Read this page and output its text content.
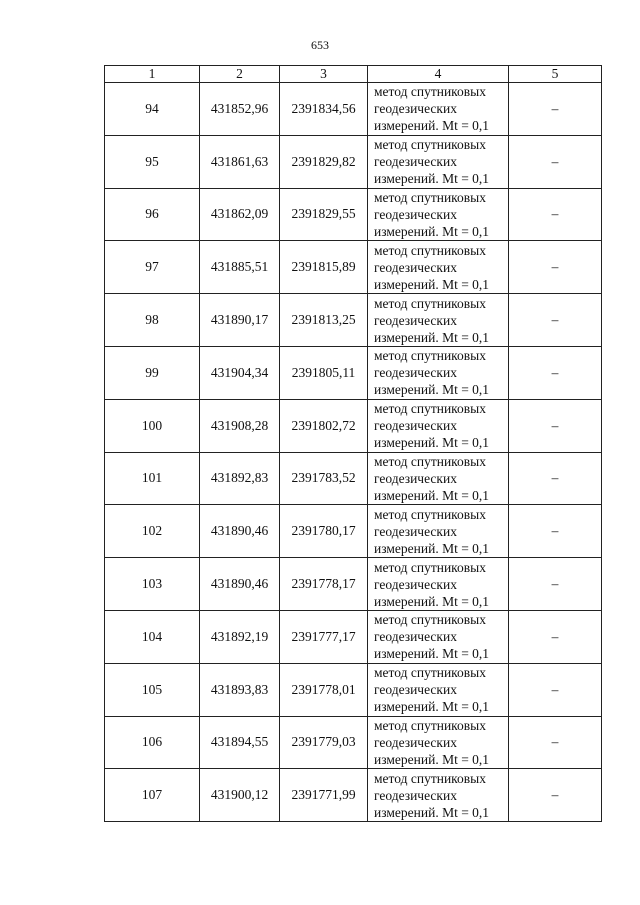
653
1	2	3	4	5
94	431852,96	2391834,56	метод спутниковых
геодезических
измерений. Mt = 0,1	–
95	431861,63	2391829,82	метод спутниковых
геодезических
измерений. Mt = 0,1	–
96	431862,09	2391829,55	метод спутниковых
геодезических
измерений. Mt = 0,1	–
97	431885,51	2391815,89	метод спутниковых
геодезических
измерений. Mt = 0,1	–
98	431890,17	2391813,25	метод спутниковых
геодезических
измерений. Mt = 0,1	–
99	431904,34	2391805,11	метод спутниковых
геодезических
измерений. Mt = 0,1	–
100	431908,28	2391802,72	метод спутниковых
геодезических
измерений. Mt = 0,1	–
101	431892,83	2391783,52	метод спутниковых
геодезических
измерений. Mt = 0,1	–
102	431890,46	2391780,17	метод спутниковых
геодезических
измерений. Mt = 0,1	–
103	431890,46	2391778,17	метод спутниковых
геодезических
измерений. Mt = 0,1	–
104	431892,19	2391777,17	метод спутниковых
геодезических
измерений. Mt = 0,1	–
105	431893,83	2391778,01	метод спутниковых
геодезических
измерений. Mt = 0,1	–
106	431894,55	2391779,03	метод спутниковых
геодезических
измерений. Mt = 0,1	–
107	431900,12	2391771,99	метод спутниковых
геодезических
измерений. Mt = 0,1	–
